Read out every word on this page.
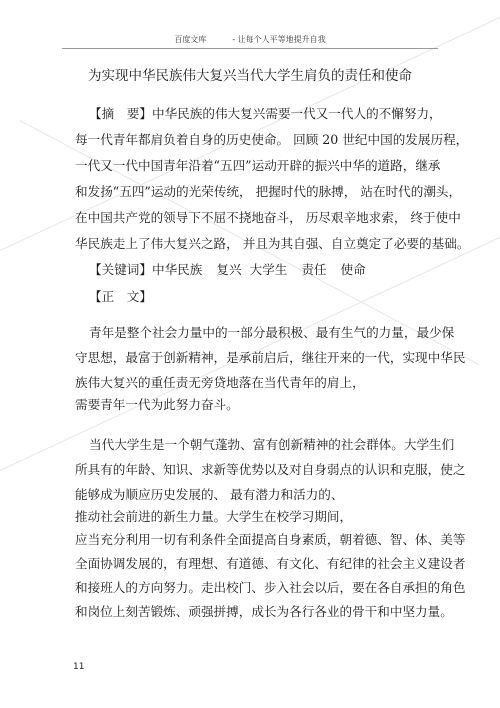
百度文库	- 让每个人平等地提升自我
为实现中华民族伟大复兴当代大学生肩负的责任和使命
【摘　要】中华民族的伟大复兴需要一代又一代人的不懈努力，
每一代青年都肩负着自身的历史使命。 回顾 20 世纪中国的发展历程，
一代又一代中国青年沿着“五四”运动开辟的振兴中华的道路，继承
和发扬“五四”运动的光荣传统， 把握时代的脉搏， 站在时代的潮头，
在中国共产党的领导下不屈不挠地奋斗， 历尽艰辛地求索， 终于使中
华民族走上了伟大复兴之路， 并且为其自强、自立奠定了必要的基础。
【关键词】中华民族 复兴 大学生 责任 使命
【正　文】
青年是整个社会力量中的一部分最积极、最有生气的力量，最少保
守思想，最富于创新精神，是承前启后，继往开来的一代，实现中华民
族伟大复兴的重任责无旁贷地落在当代青年的肩上，
需要青年一代为此努力奋斗。
当代大学生是一个朝气蓬勃、富有创新精神的社会群体。大学生们
所具有的年龄、知识、求新等优势以及对自身弱点的认识和克服，使之
能够成为顺应历史发展的、 最有潜力和活力的、
推动社会前进的新生力量。大学生在校学习期间，
应当充分利用一切有利条件全面提高自身素质，朝着德、智、体、美等
全面协调发展的，有理想、有道德、有文化、有纪律的社会主义建设者
和接班人的方向努力。走出校门、步入社会以后，要在各自承担的角色
和岗位上刻苦锻炼、顽强拼搏，成长为各行各业的骨干和中坚力量。
11
